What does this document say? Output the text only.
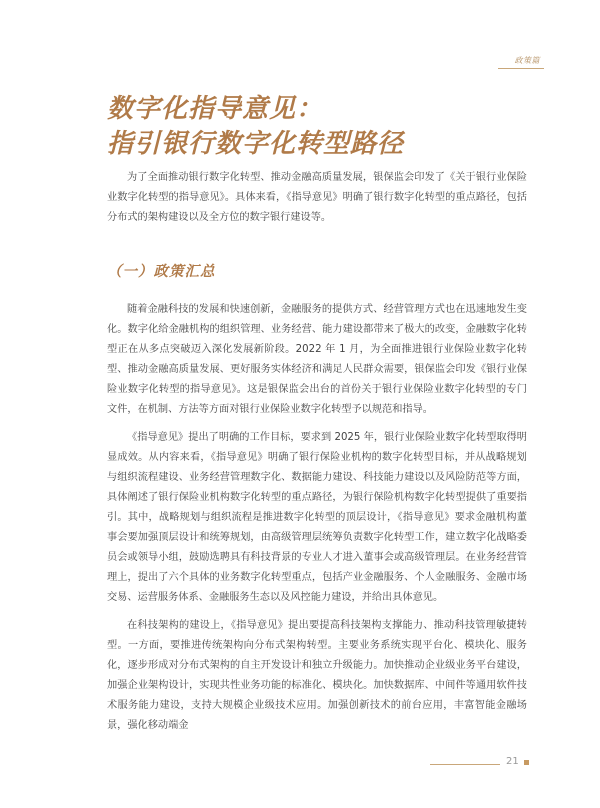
政策篇
数字化指导意见：
指引银行数字化转型路径

为了全面推动银行数字化转型、推动金融高质量发展，银保监会印发了《关于银行业保险业数字化转型的指导意见》。具体来看，《指导意见》明确了银行数字化转型的重点路径，包括分布式的架构建设以及全方位的数字银行建设等。

（一）政策汇总

随着金融科技的发展和快速创新，金融服务的提供方式、经营管理方式也在迅速地发生变化。数字化给金融机构的组织管理、业务经营、能力建设都带来了极大的改变，金融数字化转型正在从多点突破迈入深化发展新阶段。2022 年 1 月，为全面推进银行业保险业数字化转型、推动金融高质量发展、更好服务实体经济和满足人民群众需要，银保监会印发《银行业保险业数字化转型的指导意见》。这是银保监会出台的首份关于银行业保险业数字化转型的专门文件，在机制、方法等方面对银行业保险业数字化转型予以规范和指导。

《指导意见》提出了明确的工作目标，要求到 2025 年，银行业保险业数字化转型取得明显成效。从内容来看，《指导意见》明确了银行保险业机构的数字化转型目标，并从战略规划与组织流程建设、业务经营管理数字化、数据能力建设、科技能力建设以及风险防范等方面，具体阐述了银行保险业机构数字化转型的重点路径，为银行保险机构数字化转型提供了重要指引。其中，战略规划与组织流程是推进数字化转型的顶层设计，《指导意见》要求金融机构董事会要加强顶层设计和统筹规划，由高级管理层统筹负责数字化转型工作，建立数字化战略委员会或领导小组，鼓励选聘具有科技背景的专业人才进入董事会或高级管理层。在业务经营管理上，提出了六个具体的业务数字化转型重点，包括产业金融服务、个人金融服务、金融市场交易、运营服务体系、金融服务生态以及风控能力建设，并给出具体意见。

在科技架构的建设上，《指导意见》提出要提高科技架构支撑能力、推动科技管理敏捷转型。一方面，要推进传统架构向分布式架构转型。主要业务系统实现平台化、模块化、服务化，逐步形成对分布式架构的自主开发设计和独立升级能力。加快推动企业级业务平台建设，加强企业架构设计，实现共性业务功能的标准化、模块化。加快数据库、中间件等通用软件技术服务能力建设，支持大规模企业级技术应用。加强创新技术的前台应用，丰富智能金融场景，强化移动端金

21
